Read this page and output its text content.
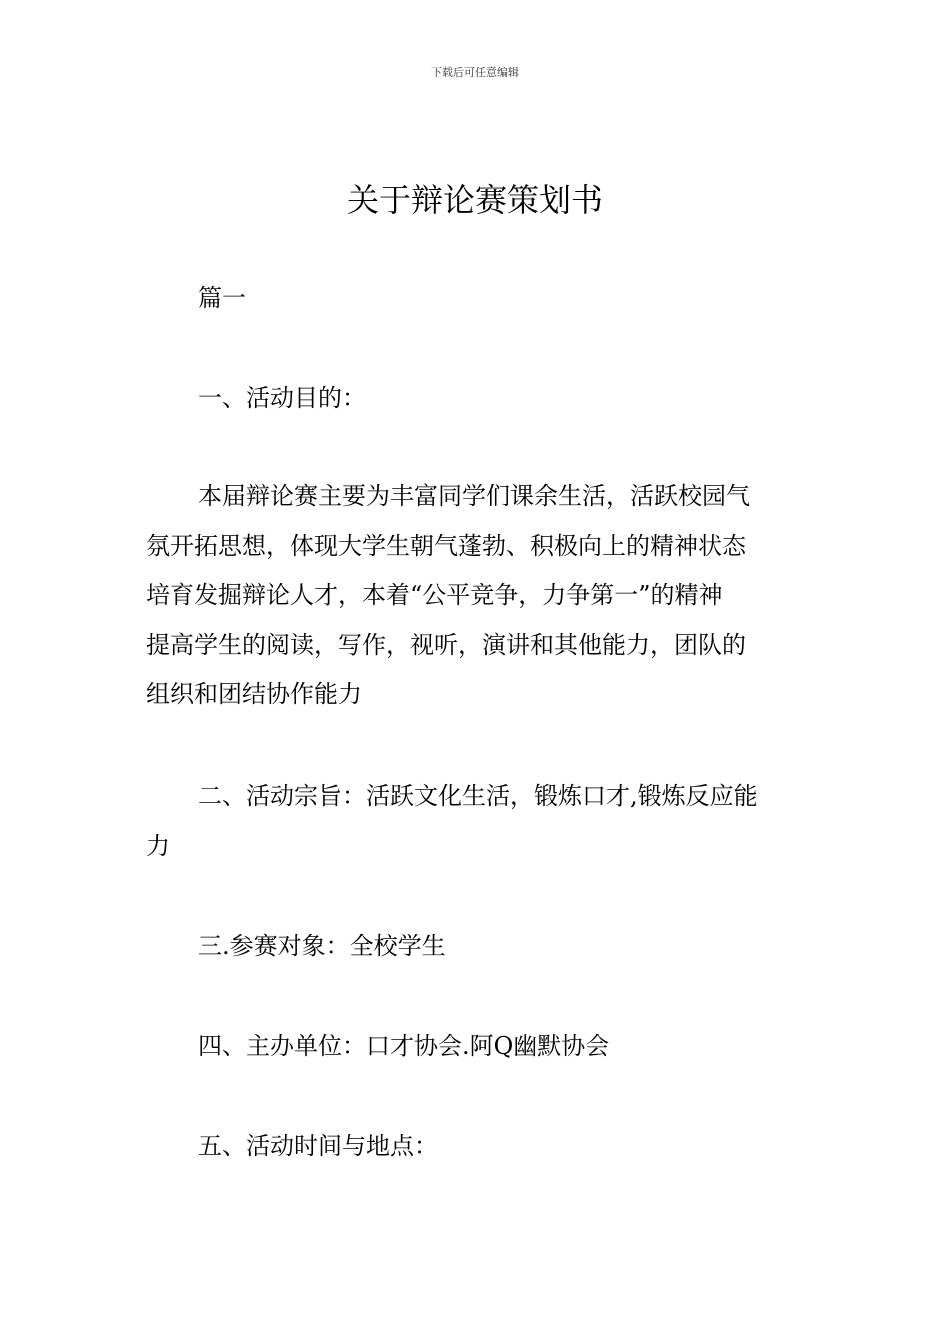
下载后可任意编辑
关于辩论赛策划书
篇一
一、活动目的：
本届辩论赛主要为丰富同学们课余生活，活跃校园气
氛开拓思想，体现大学生朝气蓬勃、积极向上的精神状态
培育发掘辩论人才，本着“公平竞争，力争第一”的精神
提高学生的阅读，写作，视听，演讲和其他能力，团队的
组织和团结协作能力
二、活动宗旨：活跃文化生活，锻炼口才,锻炼反应能
力
三.参赛对象：全校学生
四、主办单位：口才协会.阿Q幽默协会
五、活动时间与地点：
